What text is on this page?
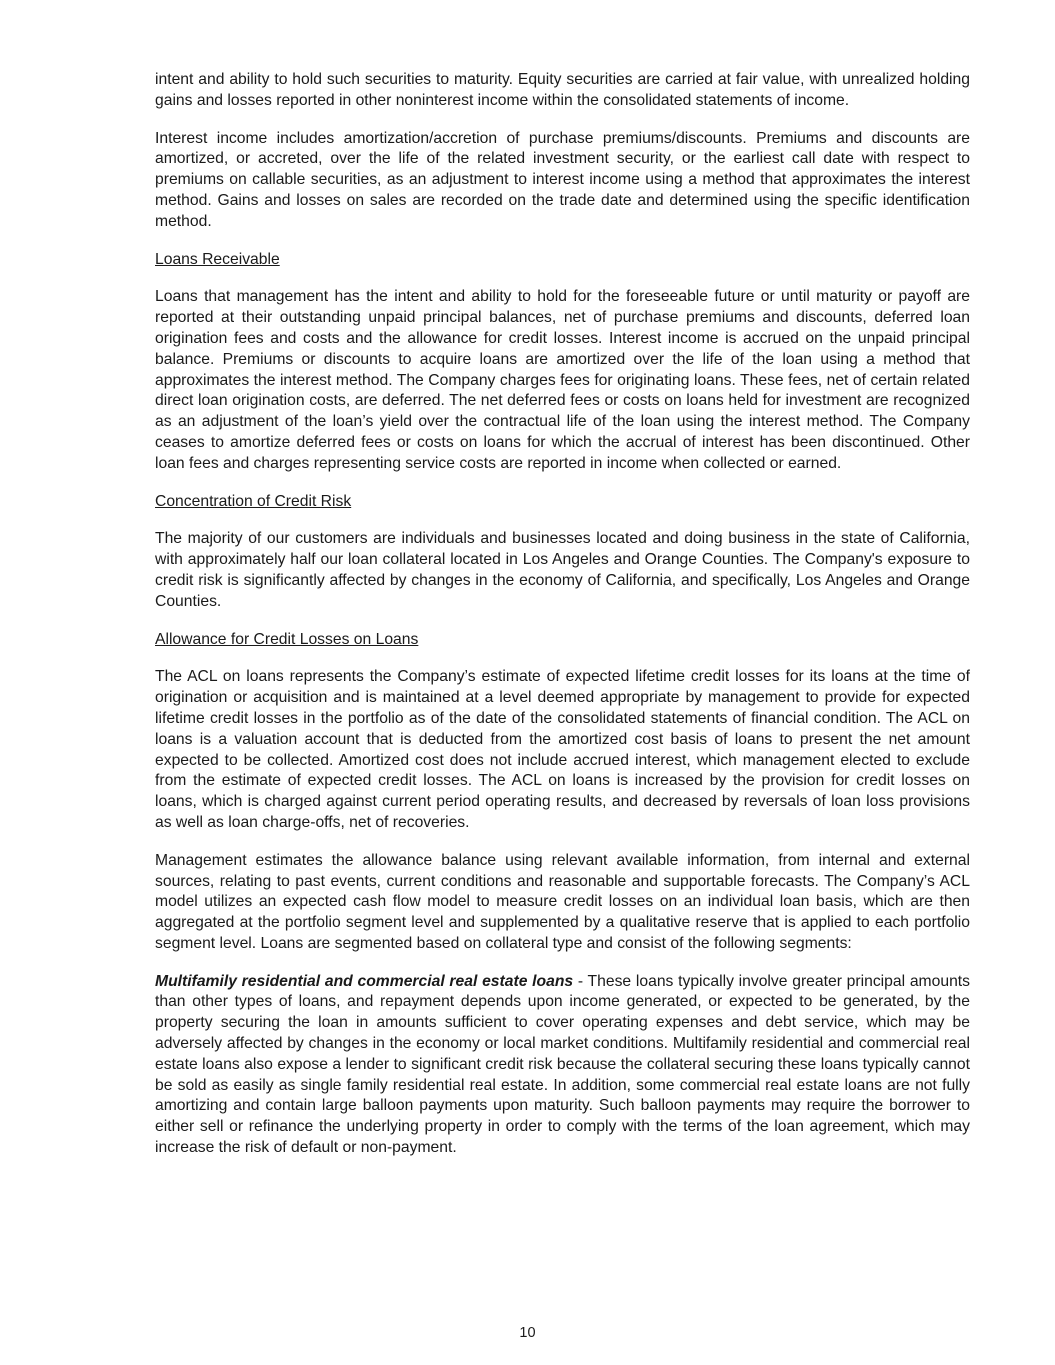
intent and ability to hold such securities to maturity. Equity securities are carried at fair value, with unrealized holding gains and losses reported in other noninterest income within the consolidated statements of income.

Interest income includes amortization/accretion of purchase premiums/discounts. Premiums and discounts are amortized, or accreted, over the life of the related investment security, or the earliest call date with respect to premiums on callable securities, as an adjustment to interest income using a method that approximates the interest method. Gains and losses on sales are recorded on the trade date and determined using the specific identification method.

Loans Receivable

Loans that management has the intent and ability to hold for the foreseeable future or until maturity or payoff are reported at their outstanding unpaid principal balances, net of purchase premiums and discounts, deferred loan origination fees and costs and the allowance for credit losses. Interest income is accrued on the unpaid principal balance. Premiums or discounts to acquire loans are amortized over the life of the loan using a method that approximates the interest method. The Company charges fees for originating loans. These fees, net of certain related direct loan origination costs, are deferred. The net deferred fees or costs on loans held for investment are recognized as an adjustment of the loan’s yield over the contractual life of the loan using the interest method. The Company ceases to amortize deferred fees or costs on loans for which the accrual of interest has been discontinued. Other loan fees and charges representing service costs are reported in income when collected or earned.

Concentration of Credit Risk

The majority of our customers are individuals and businesses located and doing business in the state of California, with approximately half our loan collateral located in Los Angeles and Orange Counties. The Company's exposure to credit risk is significantly affected by changes in the economy of California, and specifically, Los Angeles and Orange Counties.

Allowance for Credit Losses on Loans

The ACL on loans represents the Company’s estimate of expected lifetime credit losses for its loans at the time of origination or acquisition and is maintained at a level deemed appropriate by management to provide for expected lifetime credit losses in the portfolio as of the date of the consolidated statements of financial condition. The ACL on loans is a valuation account that is deducted from the amortized cost basis of loans to present the net amount expected to be collected. Amortized cost does not include accrued interest, which management elected to exclude from the estimate of expected credit losses. The ACL on loans is increased by the provision for credit losses on loans, which is charged against current period operating results, and decreased by reversals of loan loss provisions as well as loan charge-offs, net of recoveries.

Management estimates the allowance balance using relevant available information, from internal and external sources, relating to past events, current conditions and reasonable and supportable forecasts. The Company’s ACL model utilizes an expected cash flow model to measure credit losses on an individual loan basis, which are then aggregated at the portfolio segment level and supplemented by a qualitative reserve that is applied to each portfolio segment level. Loans are segmented based on collateral type and consist of the following segments:

Multifamily residential and commercial real estate loans - These loans typically involve greater principal amounts than other types of loans, and repayment depends upon income generated, or expected to be generated, by the property securing the loan in amounts sufficient to cover operating expenses and debt service, which may be adversely affected by changes in the economy or local market conditions. Multifamily residential and commercial real estate loans also expose a lender to significant credit risk because the collateral securing these loans typically cannot be sold as easily as single family residential real estate. In addition, some commercial real estate loans are not fully amortizing and contain large balloon payments upon maturity. Such balloon payments may require the borrower to either sell or refinance the underlying property in order to comply with the terms of the loan agreement, which may increase the risk of default or non-payment.

10
